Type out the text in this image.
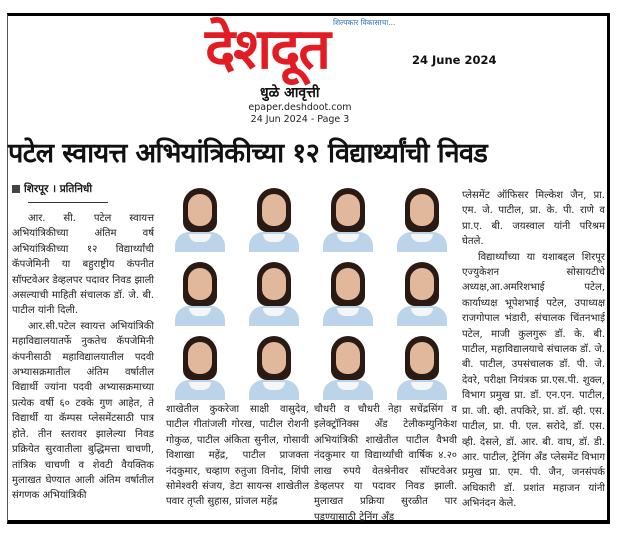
शिल्पकार विकासाचा...
देशदूत
धुळे आवृत्ती
epaper.deshdoot.com
24 Jun 2024 - Page 3
24 June 2024
पटेल स्वायत्त अभियांत्रिकीच्या १२ विद्यार्थ्यांची निवड
शिरपूर । प्रतिनिधी

आर. सी. पटेल स्वायत्त अभियांत्रिकीच्या अंतिम वर्ष अभियांत्रिकीच्या १२ विद्यार्थ्यांची कॅपजेमिनी या बहुराष्ट्रीय कंपनीत सॉफ्टवेअर डेव्हलपर पदावर निवड झाली असल्याची माहिती संचालक डॉ. जे. बी. पाटील यांनी दिली.

आर.सी.पटेल स्वायत्त अभियांत्रिकी महाविद्यालयातर्फे नुकतेच कॅपजेमिनी कंपनीसाठी महाविद्यालयातील पदवी अभ्यासक्रमातील अंतिम वर्षातील विद्यार्थी ज्यांना पदवी अभ्यासक्रमाच्या प्रत्येक वर्षी ६० टक्के गुण आहेत, ते विद्यार्थी या कॅम्पस प्लेसमेंटसाठी पात्र होते. तीन स्तरावर झालेल्या निवड प्रक्रियेत सुरवातीला बुद्धिमत्ता चाचणी, तांत्रिक चाचणी व शेवटी वैयक्तिक मुलाखत घेण्यात आली अंतिम वर्षातील संगणक अभियांत्रिकी

शाखेतील कुकरेजा साक्षी वासुदेव, पाटील गीतांजली गोरख, पाटील रोशनी गोकुळ, पाटील अंकिता सुनील, गोसावी विशाखा महेंद्र, पाटील प्राजक्ता नंदकुमार, चव्हाण रुतुजा विनोद, शिंपी सोमेश्वरी संजय, डेटा सायन्स शाखेतील पवार तृप्ती सुहास, प्रांजल महेंद्र

चौधरी व चौधरी नेहा सचेंद्रसिंग व इलेक्ट्रॉनिक्स अँड टेलीकम्युनिकेश अभियांत्रिकी शाखेतील पाटील वैभवी नंदकुमार या विद्यार्थ्यांची वार्षिक ४.२० लाख रुपये वेतश्रेनीवर सॉफ्टवेअर डेव्हलपर या पदावर निवड झाली. मुलाखत प्रक्रिया सुरळीत पार पडण्यासाठी ट्रेनिंग अँड

प्लेसमेंट ऑफिसर मिल्केश जैन, प्रा. एम. जे. पाटील, प्रा. के. पी. राणे व प्रा.ए. बी. जयस्वाल यांनी परिश्रम घेतले.

विद्यार्थ्यांच्या या यशाबद्दल शिरपूर एज्युकेशन सोसायटीचे अध्यक्ष,आ.अमरिशभाई पटेल, कार्याध्यक्ष भूपेशभाई पटेल, उपाध्यक्ष राजगोपाल भंडारी, संचालक चिंतनभाई पटेल, माजी कुलगुरू डॉ. के. बी. पाटील, महाविद्यालयाचे संचालक डॉ. जे. बी. पाटील, उपसंचालक डॉ. पी. जे. देवरे, परीक्षा नियंत्रक प्रा.एस.पी. शुक्ल, विभाग प्रमुख प्रा. डॉ. एन.एन. पाटील, प्रा. जी. व्ही. तपकिरे, प्रा. डॉ. व्ही. एस. पाटील, प्रा. पी. एल. सरोदे, डॉ. एस. व्ही. देसले, डॉ. आर. बी. वाघ, डॉ. डी. आर. पाटील, ट्रेनिंग अँड प्लेसमेंट विभाग प्रमुख प्रा. एम. पी. जैन, जनसंपर्क अधिकारी डॉ. प्रशांत महाजन यांनी अभिनंदन केले.
